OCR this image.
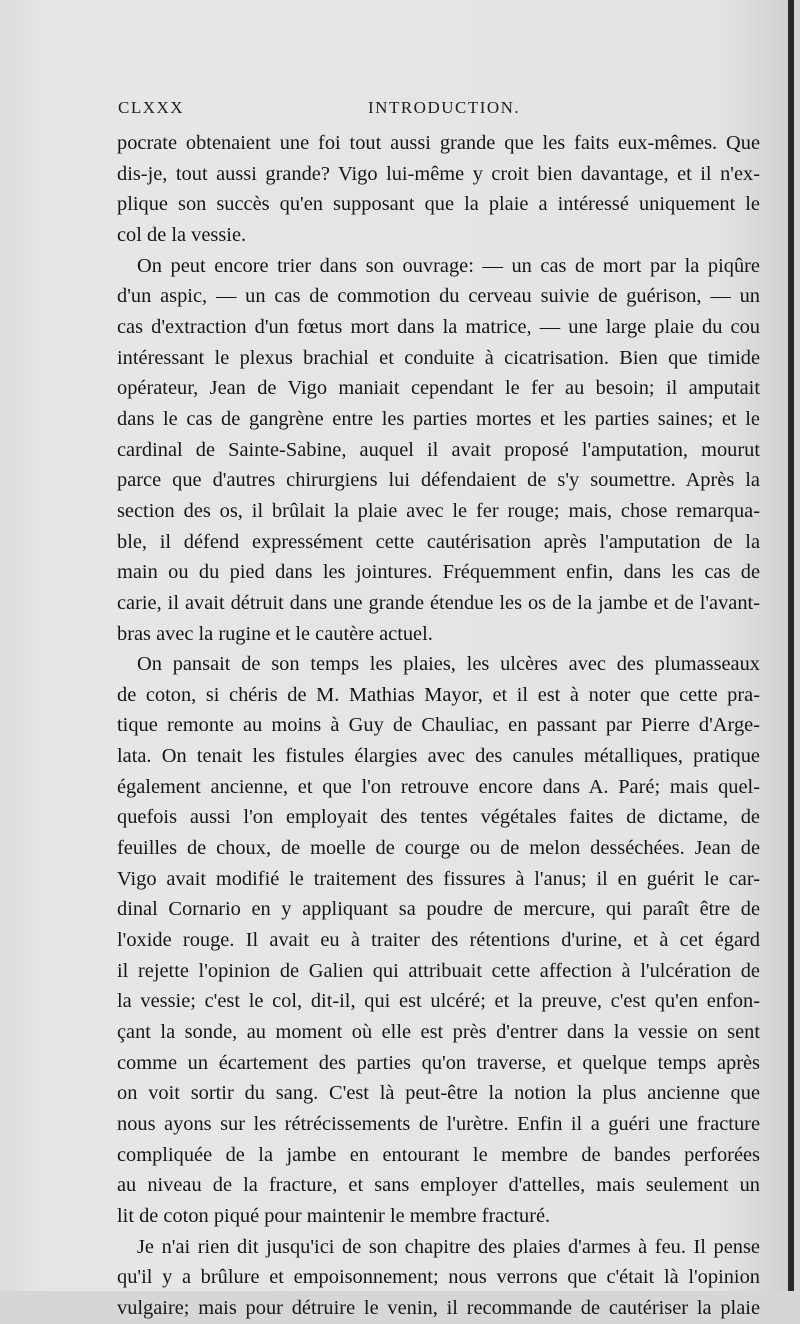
CLXXX	INTRODUCTION.
pocrate obtenaient une foi tout aussi grande que les faits eux-mêmes. Que
dis-je, tout aussi grande? Vigo lui-même y croit bien davantage, et il n'ex-
plique son succès qu'en supposant que la plaie a intéressé uniquement le
col de la vessie.
On peut encore trier dans son ouvrage: — un cas de mort par la piqûre
d'un aspic, — un cas de commotion du cerveau suivie de guérison, — un
cas d'extraction d'un fœtus mort dans la matrice, — une large plaie du cou
intéressant le plexus brachial et conduite à cicatrisation. Bien que timide
opérateur, Jean de Vigo maniait cependant le fer au besoin; il amputait
dans le cas de gangrène entre les parties mortes et les parties saines; et le
cardinal de Sainte-Sabine, auquel il avait proposé l'amputation, mourut
parce que d'autres chirurgiens lui défendaient de s'y soumettre. Après la
section des os, il brûlait la plaie avec le fer rouge; mais, chose remarqua-
ble, il défend expressément cette cautérisation après l'amputation de la
main ou du pied dans les jointures. Fréquemment enfin, dans les cas de
carie, il avait détruit dans une grande étendue les os de la jambe et de l'avant-
bras avec la rugine et le cautère actuel.
On pansait de son temps les plaies, les ulcères avec des plumasseaux
de coton, si chéris de M. Mathias Mayor, et il est à noter que cette pra-
tique remonte au moins à Guy de Chauliac, en passant par Pierre d'Arge-
lata. On tenait les fistules élargies avec des canules métalliques, pratique
également ancienne, et que l'on retrouve encore dans A. Paré; mais quel-
quefois aussi l'on employait des tentes végétales faites de dictame, de
feuilles de choux, de moelle de courge ou de melon desséchées. Jean de
Vigo avait modifié le traitement des fissures à l'anus; il en guérit le car-
dinal Cornario en y appliquant sa poudre de mercure, qui paraît être de
l'oxide rouge. Il avait eu à traiter des rétentions d'urine, et à cet égard
il rejette l'opinion de Galien qui attribuait cette affection à l'ulcération de
la vessie; c'est le col, dit-il, qui est ulcéré; et la preuve, c'est qu'en enfon-
çant la sonde, au moment où elle est près d'entrer dans la vessie on sent
comme un écartement des parties qu'on traverse, et quelque temps après
on voit sortir du sang. C'est là peut-être la notion la plus ancienne que
nous ayons sur les rétrécissements de l'urètre. Enfin il a guéri une fracture
compliquée de la jambe en entourant le membre de bandes perforées
au niveau de la fracture, et sans employer d'attelles, mais seulement un
lit de coton piqué pour maintenir le membre fracturé.
Je n'ai rien dit jusqu'ici de son chapitre des plaies d'armes à feu. Il pense
qu'il y a brûlure et empoisonnement; nous verrons que c'était là l'opinion
vulgaire; mais pour détruire le venin, il recommande de cautériser la plaie
